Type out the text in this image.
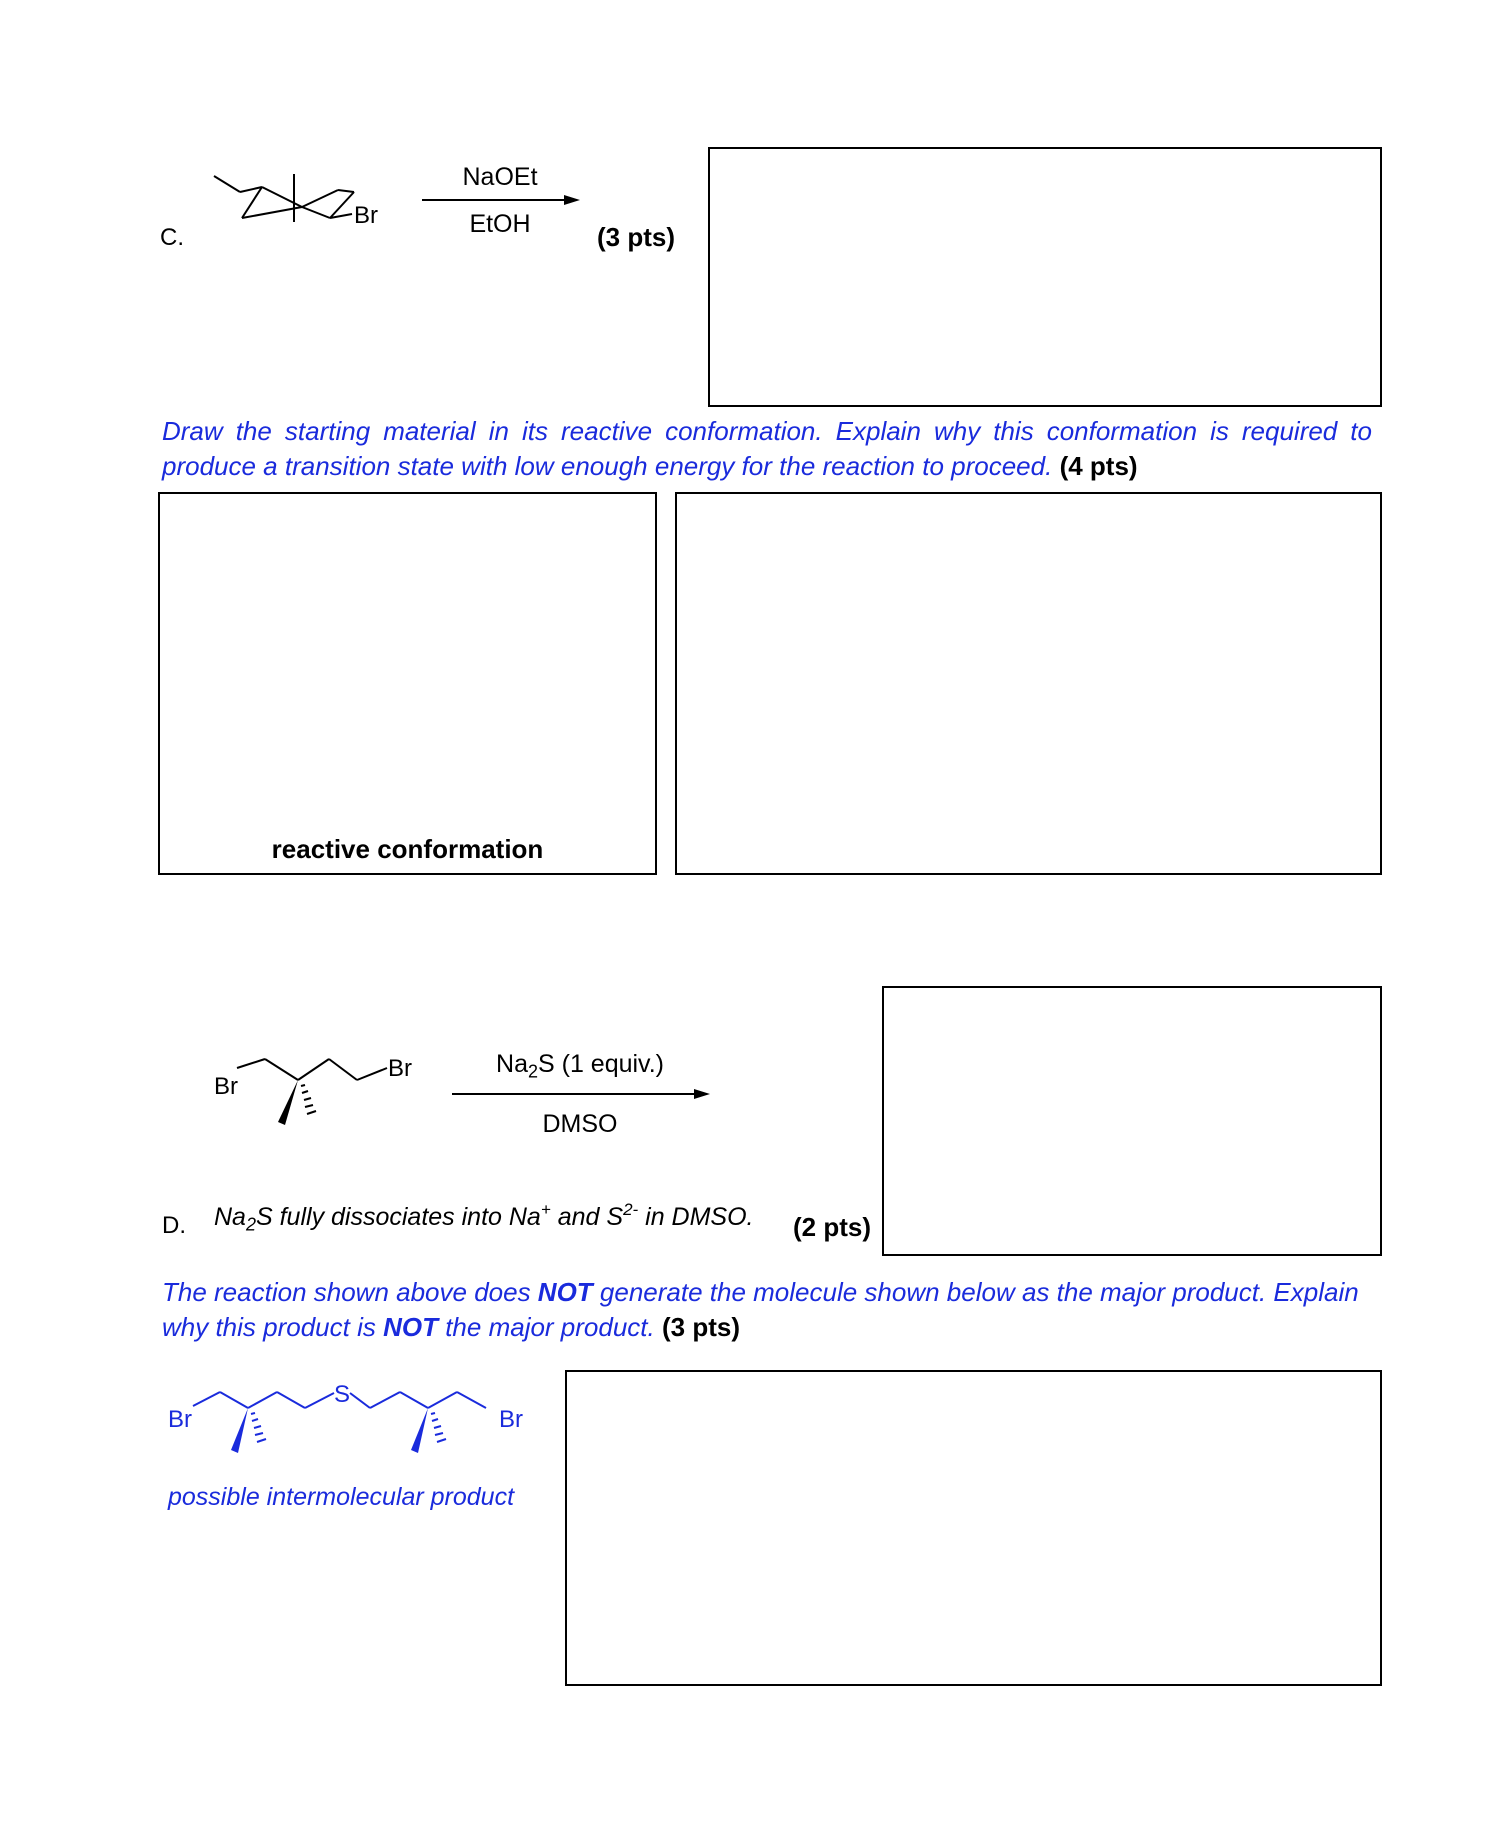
C.
Br
NaOEt
EtOH	(3 pts)
Draw the starting material in its reactive conformation. Explain why this conformation is required to produce a transition state with low enough energy for the reaction to proceed. (4 pts)
reactive conformation
Br
Br	$Na_2S$ (1 equiv.)
DMSO
D. $Na_2S$ fully dissociates into Na+ and $S^{2-}$ in DMSO. (2 pts)
The reaction shown above does NOT generate the molecule shown below as the major product. Explain why this product is NOT the major product. (3 pts)
Br
S
Br
possible intermolecular product
